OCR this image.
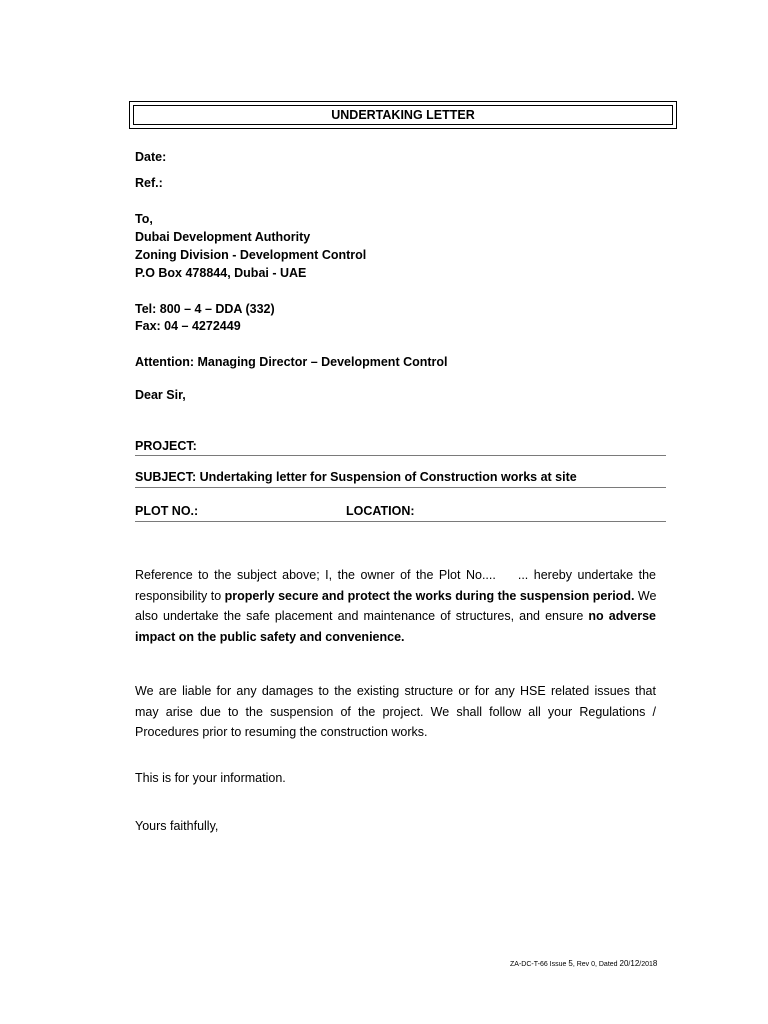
UNDERTAKING LETTER
Date:
Ref.:
To,
Dubai Development Authority
Zoning Division - Development Control
P.O Box 478844, Dubai - UAE
Tel: 800 – 4 – DDA (332)
Fax: 04 – 4272449
Attention: Managing Director – Development Control
Dear Sir,
PROJECT:
SUBJECT: Undertaking letter for Suspension of Construction works at site
PLOT NO.:	LOCATION:
Reference to the subject above; I, the owner of the Plot No.... ... hereby undertake the
responsibility to properly secure and protect the works during the suspension period. We
also undertake the safe placement and maintenance of structures, and ensure no adverse
impact on the public safety and convenience.
We are liable for any damages to the existing structure or for any HSE related issues that
may arise due to the suspension of the project. We shall follow all your Regulations /
Procedures prior to resuming the construction works.
This is for your information.
Yours faithfully,
ZA-DC-T-66 Issue 5, Rev 0, Dated 20/12/2018
